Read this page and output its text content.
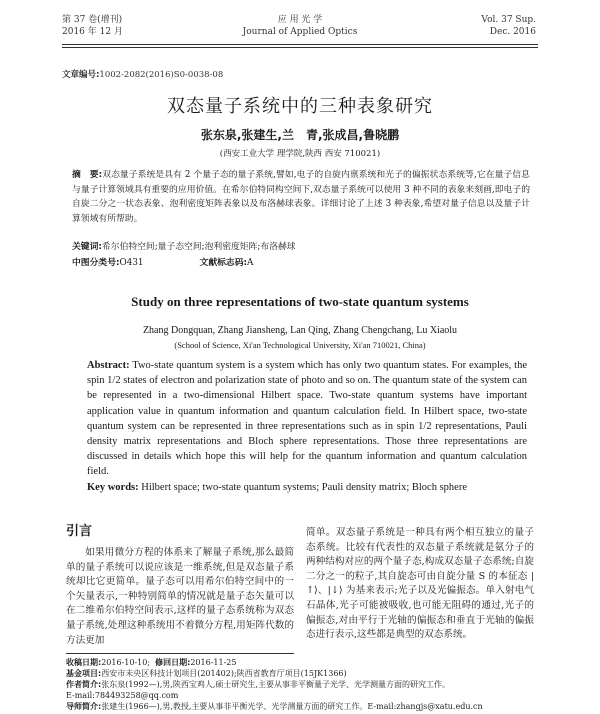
第 37 卷(增刊)
2016 年 12 月
应 用 光 学
Journal of Applied Optics
Vol. 37 Sup.
Dec. 2016
文章编号:1002-2082(2016)S0-0038-08
双态量子系统中的三种表象研究
张东泉,张建生,兰　青,张成昌,鲁晓鹏
(西安工业大学 理学院,陕西 西安 710021)
摘　要:双态量子系统是具有 2 个量子态的量子系统,譬如,电子的自旋内禀系统和光子的偏振状态系统等,它在量子信息与量子计算领域具有重要的应用价值。在希尔伯特同构空间下,双态量子系统可以使用 3 种不同的表象来刻画,即电子的自旋二分之一状态表象、泡利密度矩阵表象以及布洛赫球表象。详细讨论了上述 3 种表象,希望对量子信息以及量子计算领域有所帮助。
关键词:希尔伯特空间;量子态空间;泡利密度矩阵;布洛赫球
中图分类号:O431	文献标志码:A
Study on three representations of two-state quantum systems
Zhang Dongquan, Zhang Jiansheng, Lan Qing, Zhang Chengchang, Lu Xiaolu
(School of Science, Xi'an Technological University, Xi'an 710021, China)
Abstract: Two-state quantum system is a system which has only two quantum states. For examples, the spin 1/2 states of electron and polarization state of photo and so on. The quantum state of the system can be represented in a two-dimensional Hilbert space. Two-state quantum systems have important application value in quantum information and quantum calculation field. In Hilbert space, two-state quantum system can be represented in three representations such as in spin 1/2 representations, Pauli density matrix representations and Bloch sphere representations. Those three representations are discussed in details which hope this will help for the quantum information and quantum calculation field.
Key words: Hilbert space; two-state quantum systems; Pauli density matrix; Bloch sphere
引言

如果用微分方程的体系来了解量子系统,那么最简单的量子系统可以说应该是一维系统,但是双态量子系统却比它更简单。量子态可以用希尔伯特空间中的一个矢量表示,一种特别简单的情况就是量子态矢量可以在二维希尔伯特空间表示,这样的量子态系统称为双态量子系统,处理这种系统用不着微分方程,用矩阵代数的方法更加

简单。双态量子系统是一种具有两个相互独立的量子态系统。比较有代表性的双态量子系统就是氨分子的两种结构对应的两个量子态,构成双态量子态系统;自旋二分之一的粒子,其自旋态可由自旋分量 S 的本征态 |↑⟩、|↓⟩ 为基来表示;光子以及光偏振态。单入射电气石晶体,光子可能被吸收,也可能无阻碍的通过,光子的偏振态,对由平行于光轴的偏振态和垂直于光轴的偏振态进行表示,这些都是典型的双态系统。

收稿日期:2016-10-10; 修回日期:2016-11-25
基金项目:西安市未央区科技计划项目(201402);陕西省教育厅项目(15JK1366)
作者简介:张东泉(1992—),男,陕西宝鸡人,硕士研究生,主要从事非平衡量子光学、光学测量方面的研究工作。
E-mail:784493258@qq.com
导师简介:张建生(1966—),男,教授,主要从事非平衡光学、光学测量方面的研究工作。E-mail:zhangjs@xatu.edu.cn
